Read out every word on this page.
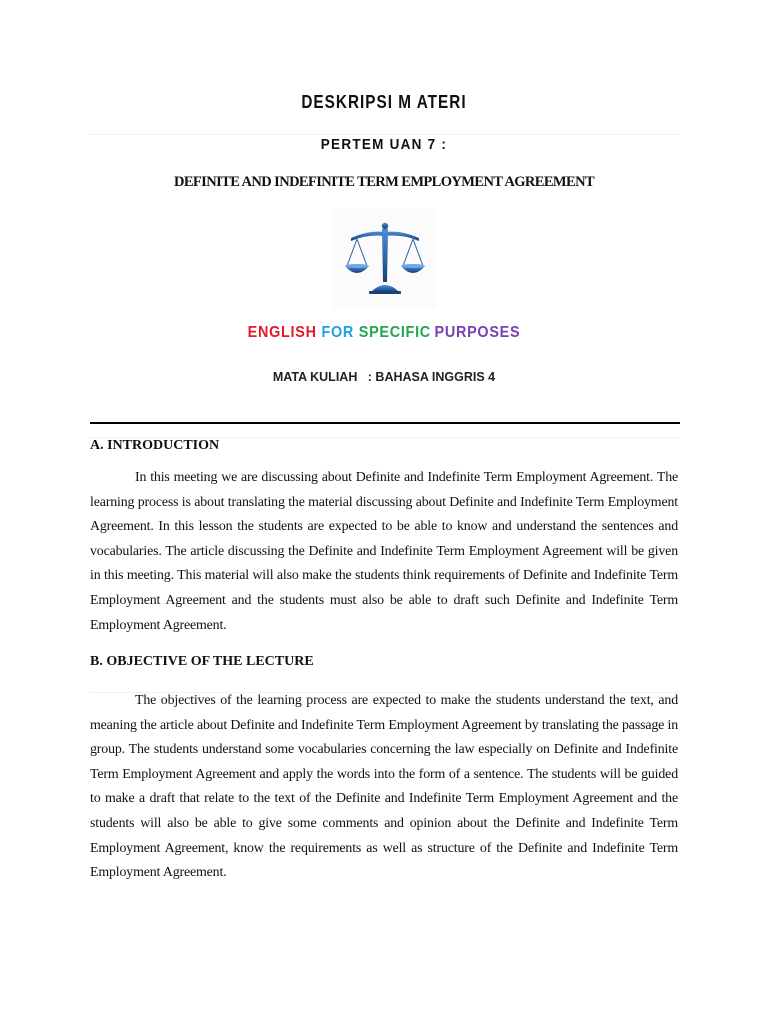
DESKRIPSI M ATERI
PERTEM UAN 7 :
DEFINITE AND INDEFINITE TERM EMPLOYMENT AGREEMENT
ENGLISH FOR SPECIFIC PURPOSES
MATA KULIAH : BAHASA INGGRIS 4
A. INTRODUCTION

In this meeting we are discussing about Definite and Indefinite Term Employment Agreement. The learning process is about translating the material discussing about Definite and Indefinite Term Employment Agreement. In this lesson the students are expected to be able to know and understand the sentences and vocabularies. The article discussing the Definite and Indefinite Term Employment Agreement will be given in this meeting. This material will also make the students think requirements of Definite and Indefinite Term Employment Agreement and the students must also be able to draft such Definite and Indefinite Term Employment Agreement.

B. OBJECTIVE OF THE LECTURE

The objectives of the learning process are expected to make the students understand the text, and meaning the article about Definite and Indefinite Term Employment Agreement by translating the passage in group. The students understand some vocabularies concerning the law especially on Definite and Indefinite Term Employment Agreement and apply the words into the form of a sentence. The students will be guided to make a draft that relate to the text of the Definite and Indefinite Term Employment Agreement and the students will also be able to give some comments and opinion about the Definite and Indefinite Term Employment Agreement, know the requirements as well as structure of the Definite and Indefinite Term Employment Agreement.
